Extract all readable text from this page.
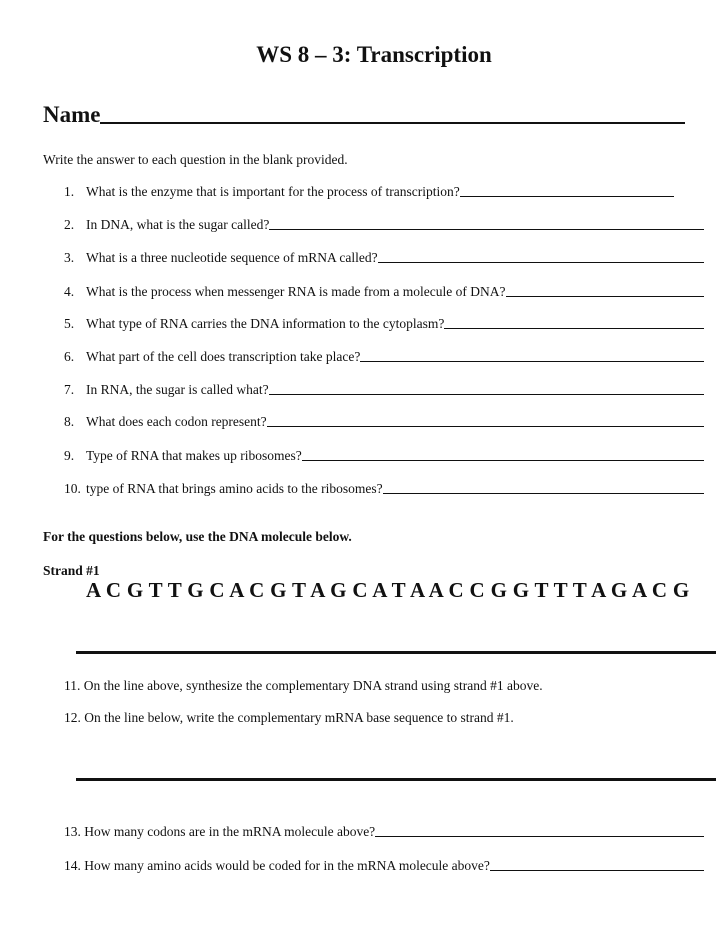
WS 8 – 3: Transcription
Name
Write the answer to each question in the blank provided.
1. What is the enzyme that is important for the process of transcription?
2. In DNA, what is the sugar called?
3. What is a three nucleotide sequence of mRNA called?
4. What is the process when messenger RNA is made from a molecule of DNA?
5. What type of RNA carries the DNA information to the cytoplasm?
6. What part of the cell does transcription take place?
7. In RNA, the sugar is called what?
8. What does each codon represent?
9. Type of RNA that makes up ribosomes?
10. type of RNA that brings amino acids to the ribosomes?
For the questions below, use the DNA molecule below.
Strand #1
A C G T T G C A C G T A G C A T A A C C G G T T T A G A C G
11. On the line above, synthesize the complementary DNA strand using strand #1 above.
12. On the line below, write the complementary mRNA base sequence to strand #1.
13. How many codons are in the mRNA molecule above?
14. How many amino acids would be coded for in the mRNA molecule above?
